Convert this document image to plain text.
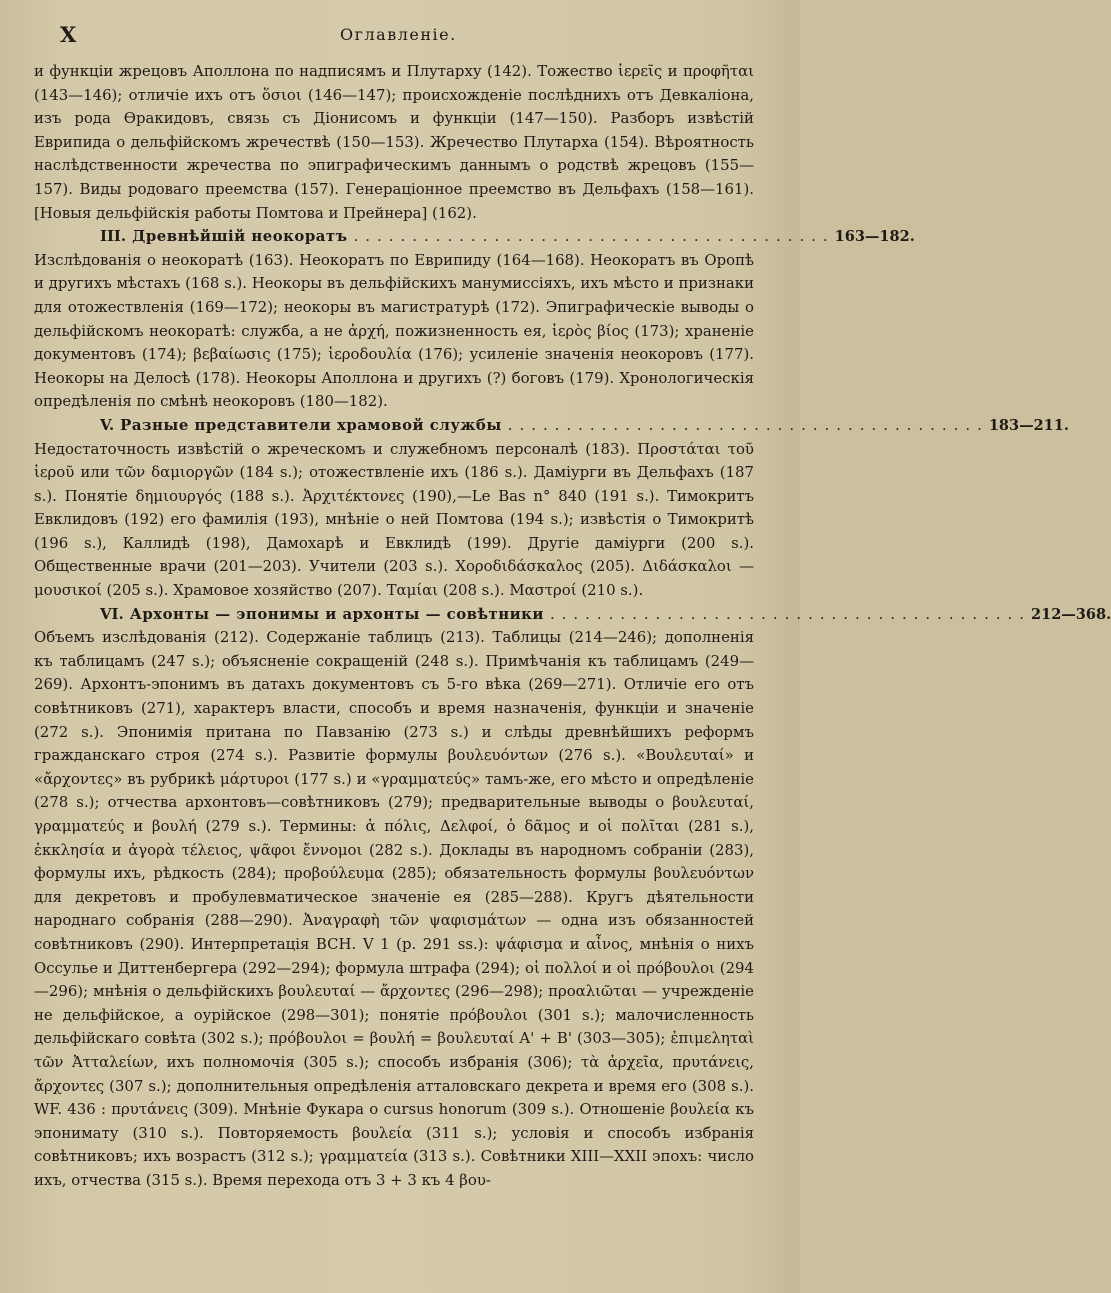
X	Оглавленіе.
и функціи жрецовъ Аполлона по надписямъ и Плутарху (142). Тожество ἱερεῖς и προφῆται (143—146); отличіе ихъ отъ ὅσιοι (146—147); происхожденіе послѣднихъ отъ Девкаліона, изъ рода Ѳракидовъ, связь съ Діонисомъ и функціи (147—150). Разборъ извѣстій Еврипида о дельфійскомъ жречествѣ (150—153). Жречество Плутарха (154). Вѣроятность наслѣдственности жречества по эпиграфическимъ даннымъ о родствѣ жрецовъ (155—157). Виды родоваго преемства (157). Генераціонное преемство въ Дельфахъ (158—161). [Новыя дельфійскія работы Помтова и Прейнера] (162).
III. Древнѣйшій неокоратъ ......................................... 163—182.
Изслѣдованія о неокоратѣ (163). Неокоратъ по Еврипиду (164—168). Неокоратъ въ Оропѣ и другихъ мѣстахъ (168 s.). Неокоры въ дельфійскихъ манумиссіяхъ, ихъ мѣсто и признаки для отожествленія (169—172); неокоры въ магистратурѣ (172). Эпиграфическіе выводы о дельфійскомъ неокоратѣ: служба, а не ἀρχή, пожизненность ея, ἱερὸς βίος (173); храненіе документовъ (174); βεβαίωσις (175); ἱεροδουλία (176); усиленіе значенія неокоровъ (177). Неокоры на Делосѣ (178). Неокоры Аполлона и другихъ (?) боговъ (179). Хронологическія опредѣленія по смѣнѣ неокоровъ (180—182).
V. Разные представители храмовой службы ......................................... 183—211.
Недостаточность извѣстій о жреческомъ и служебномъ персоналѣ (183). Προστάται τοῦ ἱεροῦ или τῶν δαμιοργῶν (184 s.); отожествленіе ихъ (186 s.). Даміурги въ Дельфахъ (187 s.). Понятіе δημιουργός (188 s.). Ἀρχιτέκτονες (190),—Le Bas n° 840 (191 s.). Тимокритъ Евклидовъ (192) его фамилія (193), мнѣніе о ней Помтова (194 s.); извѣстія о Тимокритѣ (196 s.), Каллидѣ (198), Дамохарѣ и Евклидѣ (199). Другіе даміурги (200 s.). Общественные врачи (201—203). Учители (203 s.). Χοροδιδάσκαλος (205). Διδάσκαλοι — μουσικοί (205 s.). Храмовое хозяйство (207). Ταμίαι (208 s.). Μαστροί (210 s.).
VI. Архонты — эпонимы и архонты — совѣтники ......................................... 212—368.
Объемъ изслѣдованія (212). Содержаніе таблицъ (213). Таблицы (214—246); дополненія къ таблицамъ (247 s.); объясненіе сокращеній (248 s.). Примѣчанія къ таблицамъ (249—269). Архонтъ-эпонимъ въ датахъ документовъ съ 5-го вѣка (269—271). Отличіе его отъ совѣтниковъ (271), характеръ власти, способъ и время назначенія, функціи и значеніе (272 s.). Эпонимія притана по Павзанію (273 s.) и слѣды древнѣйшихъ реформъ гражданскаго строя (274 s.). Развитіе формулы βουλευόντων (276 s.). «Βουλευταί» и «ἄρχοντες» въ рубрикѣ μάρτυροι (177 s.) и «γραμματεύς» тамъ-же, его мѣсто и опредѣленіе (278 s.); отчества архонтовъ—совѣтниковъ (279); предварительные выводы о βουλευταί, γραμματεύς и βουλή (279 s.). Термины: ἁ πόλις, Δελφοί, ὁ δᾶμος и οἱ πολῖται (281 s.), ἐκκλησία и ἀγορὰ τέλειος, ψᾶφοι ἔννομοι (282 s.). Доклады въ народномъ собраніи (283), формулы ихъ, рѣдкость (284); προβούλευμα (285); обязательность формулы βουλευόντων для декретовъ и пробулевматическое значеніе ея (285—288). Кругъ дѣятельности народнаго собранія (288—290). Ἀναγραφὴ τῶν ψαφισμάτων — одна изъ обязанностей совѣтниковъ (290). Интерпретація BCH. V 1 (р. 291 ss.): ψάφισμα и αἶνος, мнѣнія о нихъ Оссулье и Диттенбергера (292—294); формула штрафа (294); οἱ πολλοί и οἱ πρόβουλοι (294—296); мнѣнія о дельфійскихъ βουλευταί — ἄρχοντες (296—298); προαλιῶται — учрежденіе не дельфійское, а оурійское (298—301); понятіе πρόβουλοι (301 s.); малочисленность дельфійскаго совѣта (302 s.); πρόβουλοι = βουλή = βουλευταί Α' + Β' (303—305); ἐπιμεληταὶ τῶν Ἀτταλείων, ихъ полномочія (305 s.); способъ избранія (306); τὰ ἀρχεῖα, πρυτάνεις, ἄρχοντες (307 s.); дополнительныя опредѣленія атталовскаго декрета и время его (308 s.). WF. 436 : πρυτάνεις (309). Мнѣніе Фукара о cursus honorum (309 s.). Отношеніе βουλεία къ эпонимату (310 s.). Повторяемость βουλεία (311 s.); условія и способъ избранія совѣтниковъ; ихъ возрастъ (312 s.); γραμματεία (313 s.). Совѣтники XIII—XXII эпохъ: число ихъ, отчества (315 s.). Время перехода отъ 3 + 3 къ 4 βου-
